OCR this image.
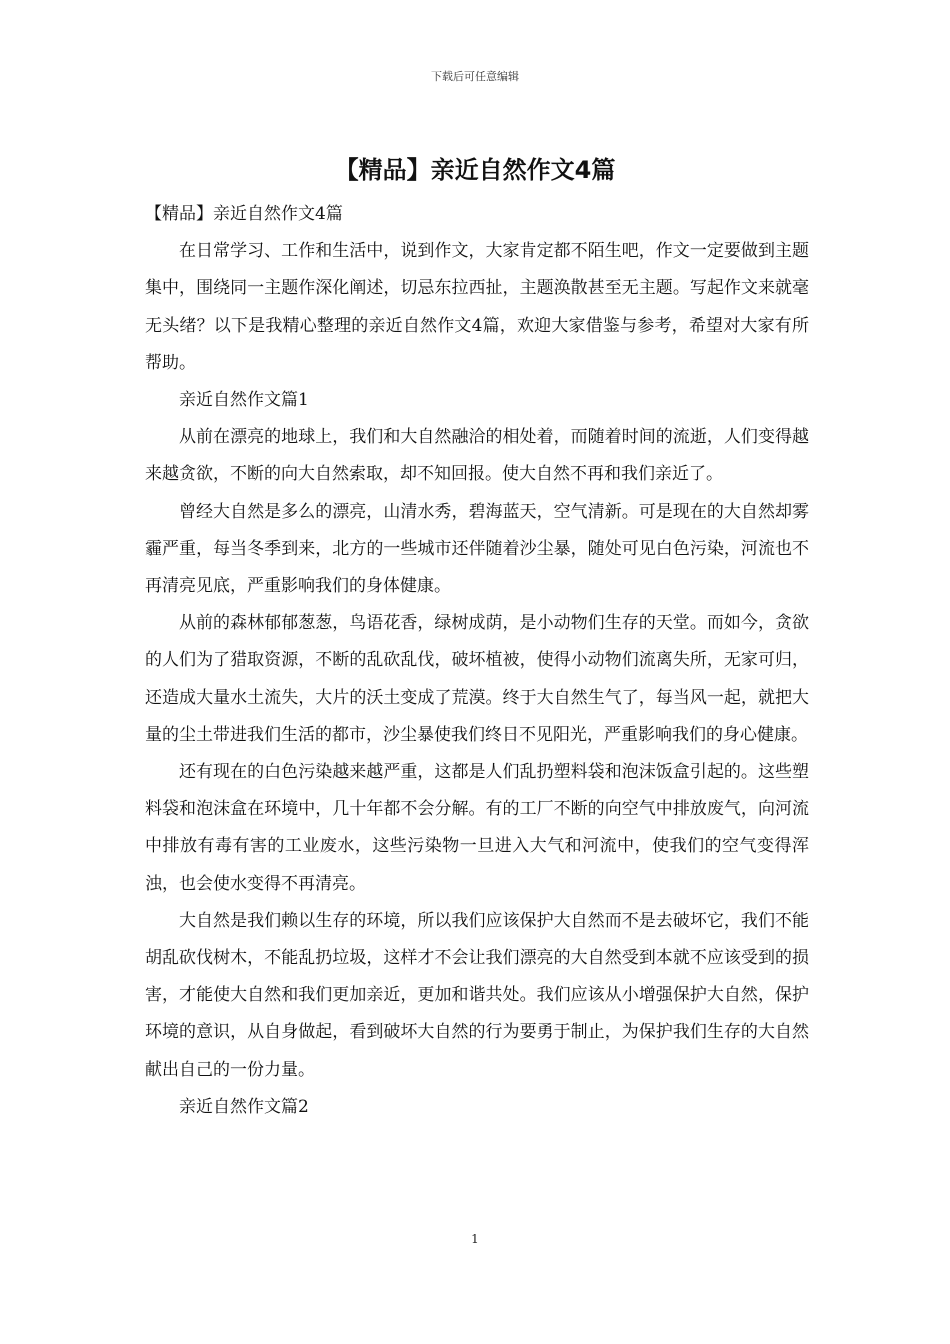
下载后可任意编辑
【精品】亲近自然作文4篇

【精品】亲近自然作文4篇

在日常学习、工作和生活中，说到作文，大家肯定都不陌生吧，作文一定要做到主题集中，围绕同一主题作深化阐述，切忌东拉西扯，主题涣散甚至无主题。写起作文来就毫无头绪？以下是我精心整理的亲近自然作文4篇，欢迎大家借鉴与参考，希望对大家有所帮助。

亲近自然作文篇1

从前在漂亮的地球上，我们和大自然融洽的相处着，而随着时间的流逝，人们变得越来越贪欲，不断的向大自然索取，却不知回报。使大自然不再和我们亲近了。

曾经大自然是多么的漂亮，山清水秀，碧海蓝天，空气清新。可是现在的大自然却雾霾严重，每当冬季到来，北方的一些城市还伴随着沙尘暴，随处可见白色污染，河流也不再清亮见底，严重影响我们的身体健康。

从前的森林郁郁葱葱，鸟语花香，绿树成荫，是小动物们生存的天堂。而如今，贪欲的人们为了猎取资源，不断的乱砍乱伐，破坏植被，使得小动物们流离失所，无家可归，还造成大量水土流失，大片的沃土变成了荒漠。终于大自然生气了，每当风一起，就把大量的尘土带进我们生活的都市，沙尘暴使我们终日不见阳光，严重影响我们的身心健康。

还有现在的白色污染越来越严重，这都是人们乱扔塑料袋和泡沫饭盒引起的。这些塑料袋和泡沫盒在环境中，几十年都不会分解。有的工厂不断的向空气中排放废气，向河流中排放有毒有害的工业废水，这些污染物一旦进入大气和河流中，使我们的空气变得浑浊，也会使水变得不再清亮。

大自然是我们赖以生存的环境，所以我们应该保护大自然而不是去破坏它，我们不能胡乱砍伐树木，不能乱扔垃圾，这样才不会让我们漂亮的大自然受到本就不应该受到的损害，才能使大自然和我们更加亲近，更加和谐共处。我们应该从小增强保护大自然，保护环境的意识，从自身做起，看到破坏大自然的行为要勇于制止，为保护我们生存的大自然献出自己的一份力量。

亲近自然作文篇2

1
